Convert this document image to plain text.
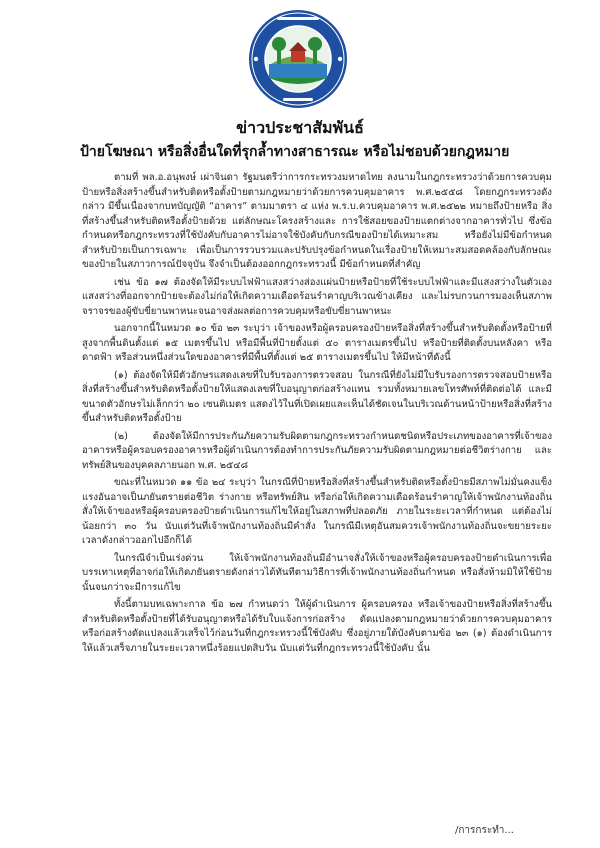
ข่าวประชาสัมพันธ์
ป้ายโฆษณา หรือสิ่งอื่นใดที่รุกล้ำทางสาธารณะ หรือไม่ชอบด้วยกฎหมาย

ตามที่ พล.อ.อนุพงษ์ เผ่าจินดา รัฐมนตรีว่าการกระทรวงมหาดไทย ลงนามในกฎกระทรวงว่าด้วยการควบคุมป้ายหรือสิ่งสร้างขึ้นสำหรับติดหรือตั้งป้ายตามกฎหมายว่าด้วยการควบคุมอาคาร พ.ศ.๒๕๕๘ โดยกฎกระทรวงดังกล่าว มีขึ้นเนื่องจากบทบัญญัติ “อาคาร” ตามมาตรา ๔ แห่ง พ.ร.บ.ควบคุมอาคาร พ.ศ.๒๕๒๒ หมายถึงป้ายหรือ สิ่งที่สร้างขึ้นสำหรับติดหรือตั้งป้ายด้วย แต่ลักษณะโครงสร้างและ การใช้สอยของป้ายแตกต่างจากอาคารทั่วไป ซึ่งข้อกำหนดหรือกฎกระทรวงที่ใช้บังคับกับอาคารไม่อาจใช้บังคับกับกรณีของป้ายได้เหมาะสม หรือยังไม่มีข้อกำหนดสำหรับป้ายเป็นการเฉพาะ เพื่อเป็นการรวบรวมและปรับปรุงข้อกำหนดในเรื่องป้ายให้เหมาะสมสอดคล้องกับลักษณะของป้ายในสภาวการณ์ปัจจุบัน จึงจำเป็นต้องออกกฎกระทรวงนี้ มีข้อกำหนดที่สำคัญ

เช่น ข้อ ๑๗ ต้องจัดให้มีระบบไฟฟ้าแสงสว่างส่องแผ่นป้ายหรือป้ายที่ใช้ระบบไฟฟ้าและมีแสงสว่างในตัวเอง แสงสว่างที่ออกจากป้ายจะต้องไม่ก่อให้เกิดความเดือดร้อนรำคาญบริเวณข้างเคียง และไม่รบกวนการมองเห็นสภาพจราจรของผู้ขับขี่ยานพาหนะจนอาจส่งผลต่อการควบคุมหรือขับขี่ยานพาหนะ

นอกจากนี้ในหมวด ๑๐ ข้อ ๒๓ ระบุว่า เจ้าของหรือผู้ครอบครองป้ายหรือสิ่งที่สร้างขึ้นสำหรับติดตั้งหรือป้ายที่สูงจากพื้นดินตั้งแต่ ๑๕ เมตรขึ้นไป หรือมีพื้นที่ป้ายตั้งแต่ ๕๐ ตารางเมตรขึ้นไป หรือป้ายที่ติดตั้งบนหลังคา หรือดาดฟ้า หรือส่วนหนึ่งส่วนใดของอาคารที่มีพื้นที่ตั้งแต่ ๒๕ ตารางเมตรขึ้นไป ให้มีหน้าที่ดังนี้

(๑) ต้องจัดให้มีตัวอักษรแสดงเลขที่ใบรับรองการตรวจสอบ ในกรณีที่ยังไม่มีใบรับรองการตรวจสอบป้ายหรือสิ่งที่สร้างขึ้นสำหรับติดหรือตั้งป้ายให้แสดงเลขที่ใบอนุญาตก่อสร้างแทน รวมทั้งหมายเลขโทรศัพท์ที่ติดต่อได้ และมีขนาดตัวอักษรไม่เล็กกว่า ๒๐ เซนติเมตร แสดงไว้ในที่เปิดเผยและเห็นได้ชัดเจนในบริเวณด้านหน้าป้ายหรือสิ่งที่สร้างขึ้นสำหรับติดหรือตั้งป้าย

(๒) ต้องจัดให้มีการประกันภัยความรับผิดตามกฎกระทรวงกำหนดชนิดหรือประเภทของอาคารที่เจ้าของอาคารหรือผู้ครอบครองอาคารหรือผู้ดำเนินการต้องทำการประกันภัยความรับผิดตามกฎหมายต่อชีวิตร่างกาย และทรัพย์สินของบุคคลภายนอก พ.ศ. ๒๕๔๘

ขณะที่ในหมวด ๑๑ ข้อ ๒๔ ระบุว่า ในกรณีที่ป้ายหรือสิ่งที่สร้างขึ้นสำหรับติดหรือตั้งป้ายมีสภาพไม่มั่นคงแข็งแรงอันอาจเป็นภยันตรายต่อชีวิต ร่างกาย หรือทรัพย์สิน หรือก่อให้เกิดความเดือดร้อนรำคาญให้เจ้าพนักงานท้องถิ่นสั่งให้เจ้าของหรือผู้ครอบครองป้ายดำเนินการแก้ไขให้อยู่ในสภาพที่ปลอดภัย ภายในระยะเวลาที่กำหนด แต่ต้องไม่น้อยกว่า ๓๐ วัน นับแต่วันที่เจ้าพนักงานท้องถิ่นมีคำสั่ง ในกรณีมีเหตุอันสมควรเจ้าพนักงานท้องถิ่นจะขยายระยะเวลาดังกล่าวออกไปอีกก็ได้

ในกรณีจำเป็นเร่งด่วน ให้เจ้าพนักงานท้องถิ่นมีอำนาจสั่งให้เจ้าของหรือผู้ครอบครองป้ายดำเนินการเพื่อบรรเทาเหตุที่อาจก่อให้เกิดภยันตรายดังกล่าวได้ทันทีตามวิธีการที่เจ้าพนักงานท้องถิ่นกำหนด หรือสั่งห้ามมิให้ใช้ป้ายนั้นจนกว่าจะมีการแก้ไข

ทั้งนี้ตามบทเฉพาะกาล ข้อ ๒๗ กำหนดว่า ให้ผู้ดำเนินการ ผู้ครอบครอง หรือเจ้าของป้ายหรือสิ่งที่สร้างขึ้นสำหรับติดหรือตั้งป้ายที่ได้รับอนุญาตหรือได้รับใบแจ้งการก่อสร้าง ดัดแปลงตามกฎหมายว่าด้วยการควบคุมอาคารหรือก่อสร้างดัดแปลงแล้วเสร็จไว้ก่อนวันที่กฎกระทรวงนี้ใช้บังคับ ซึ่งอยู่ภายใต้บังคับตามข้อ ๒๓ (๑) ต้องดำเนินการให้แล้วเสร็จภายในระยะเวลาหนึ่งร้อยแปดสิบวัน นับแต่วันที่กฎกระทรวงนี้ใช้บังคับ นั้น

/การกระทำ...
